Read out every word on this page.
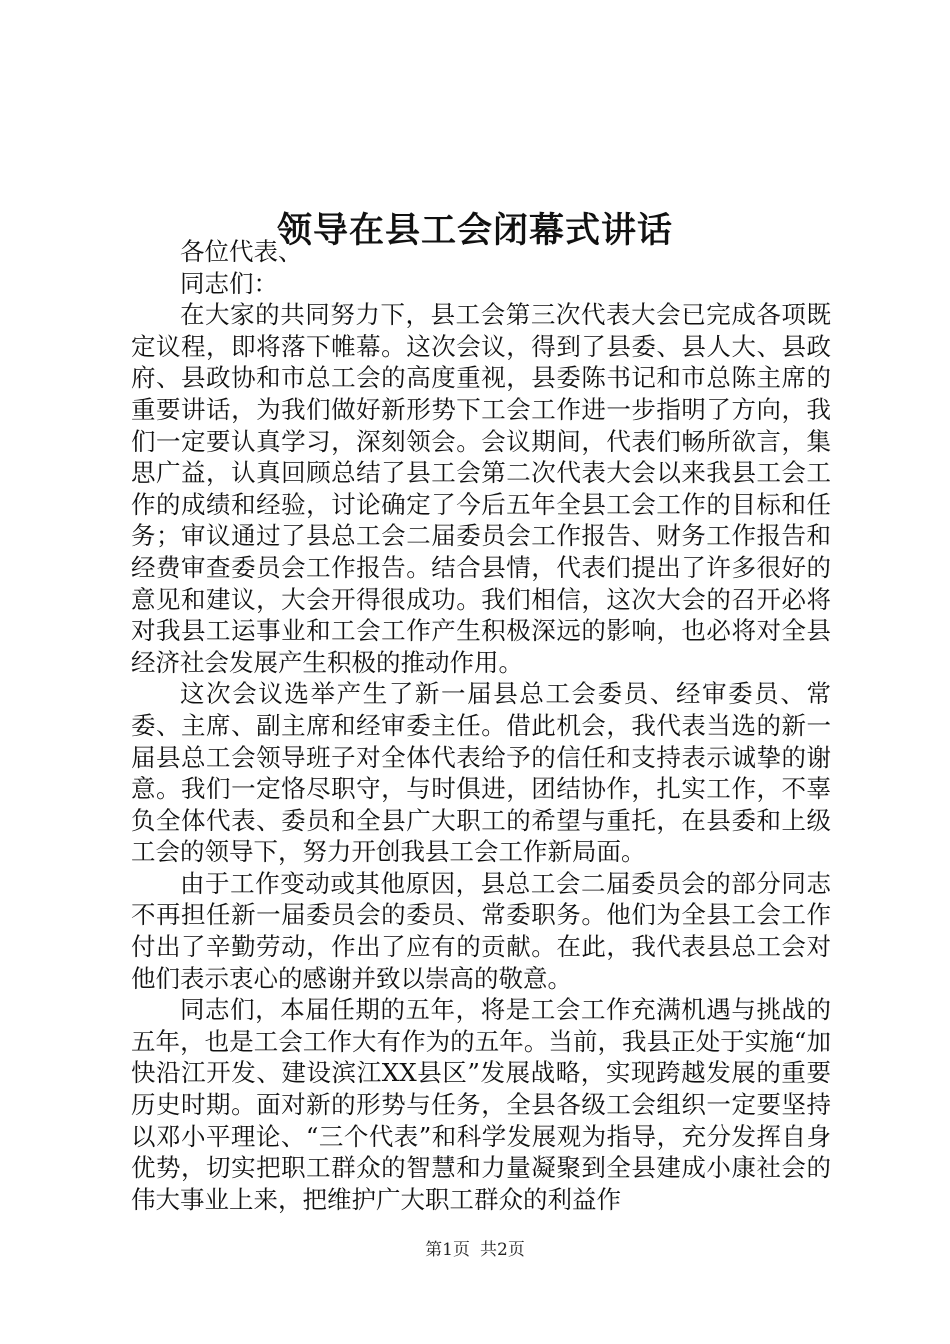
领导在县工会闭幕式讲话

各位代表、

同志们：

在大家的共同努力下，县工会第三次代表大会已完成各项既定议程，即将落下帷幕。这次会议，得到了县委、县人大、县政府、县政协和市总工会的高度重视，县委陈书记和市总陈主席的重要讲话，为我们做好新形势下工会工作进一步指明了方向，我们一定要认真学习，深刻领会。会议期间，代表们畅所欲言，集思广益，认真回顾总结了县工会第二次代表大会以来我县工会工作的成绩和经验，讨论确定了今后五年全县工会工作的目标和任务；审议通过了县总工会二届委员会工作报告、财务工作报告和经费审查委员会工作报告。结合县情，代表们提出了许多很好的意见和建议，大会开得很成功。我们相信，这次大会的召开必将对我县工运事业和工会工作产生积极深远的影响，也必将对全县经济社会发展产生积极的推动作用。

这次会议选举产生了新一届县总工会委员、经审委员、常委、主席、副主席和经审委主任。借此机会，我代表当选的新一届县总工会领导班子对全体代表给予的信任和支持表示诚挚的谢意。我们一定恪尽职守，与时俱进，团结协作，扎实工作，不辜负全体代表、委员和全县广大职工的希望与重托，在县委和上级工会的领导下，努力开创我县工会工作新局面。

由于工作变动或其他原因，县总工会二届委员会的部分同志不再担任新一届委员会的委员、常委职务。他们为全县工会工作付出了辛勤劳动，作出了应有的贡献。在此，我代表县总工会对他们表示衷心的感谢并致以崇高的敬意。

同志们，本届任期的五年，将是工会工作充满机遇与挑战的五年，也是工会工作大有作为的五年。当前，我县正处于实施“加快沿江开发、建设滨江XX县区”发展战略，实现跨越发展的重要历史时期。面对新的形势与任务，全县各级工会组织一定要坚持以邓小平理论、“三个代表”和科学发展观为指导，充分发挥自身优势，切实把职工群众的智慧和力量凝聚到全县建成小康社会的伟大事业上来，把维护广大职工群众的利益作

第1页 共2页
